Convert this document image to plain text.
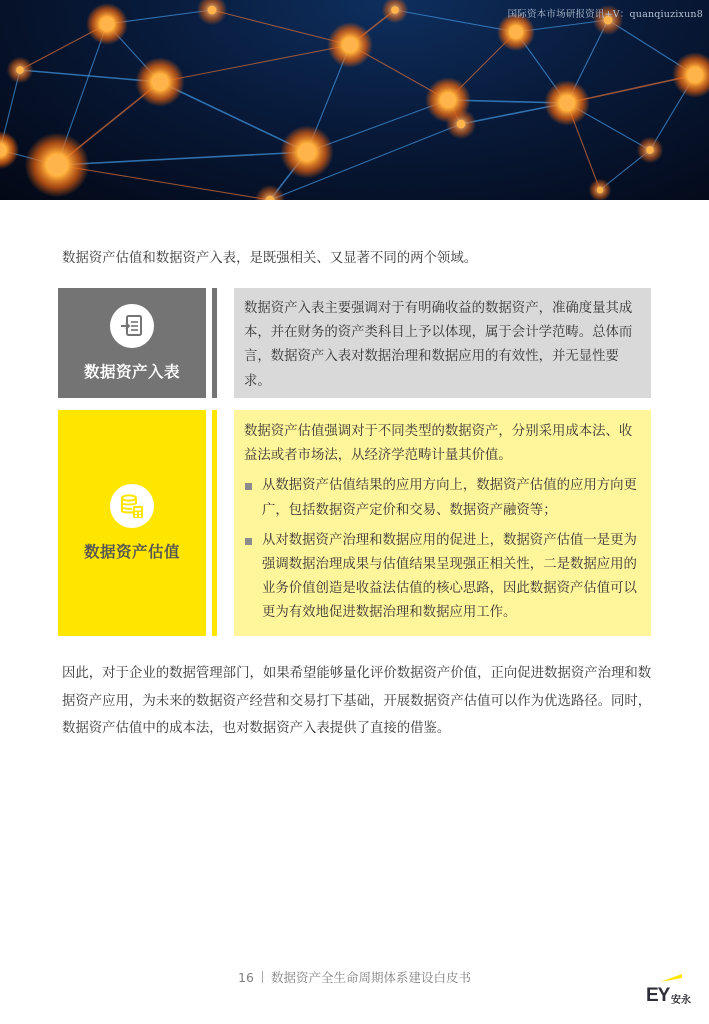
国际资本市场研报资讯+V：quanqiuzixun8
数据资产估值和数据资产入表，是既强相关、又显著不同的两个领域。
数据资产入表

数据资产入表主要强调对于有明确收益的数据资产，准确度量其成本，并在财务的资产类科目上予以体现，属于会计学范畴。总体而言，数据资产入表对数据治理和数据应用的有效性，并无显性要求。

数据资产估值

数据资产估值强调对于不同类型的数据资产，分别采用成本法、收益法或者市场法，从经济学范畴计量其价值。

从数据资产估值结果的应用方向上，数据资产估值的应用方向更广，包括数据资产定价和交易、数据资产融资等；
从对数据资产治理和数据应用的促进上，数据资产估值一是更为强调数据治理成果与估值结果呈现强正相关性，二是数据应用的业务价值创造是收益法估值的核心思路，因此数据资产估值可以更为有效地促进数据治理和数据应用工作。
因此，对于企业的数据管理部门，如果希望能够量化评价数据资产价值，正向促进数据资产治理和数据资产应用，为未来的数据资产经营和交易打下基础，开展数据资产估值可以作为优选路径。同时，数据资产估值中的成本法，也对数据资产入表提供了直接的借鉴。
16 数据资产全生命周期体系建设白皮书
EY 安永
